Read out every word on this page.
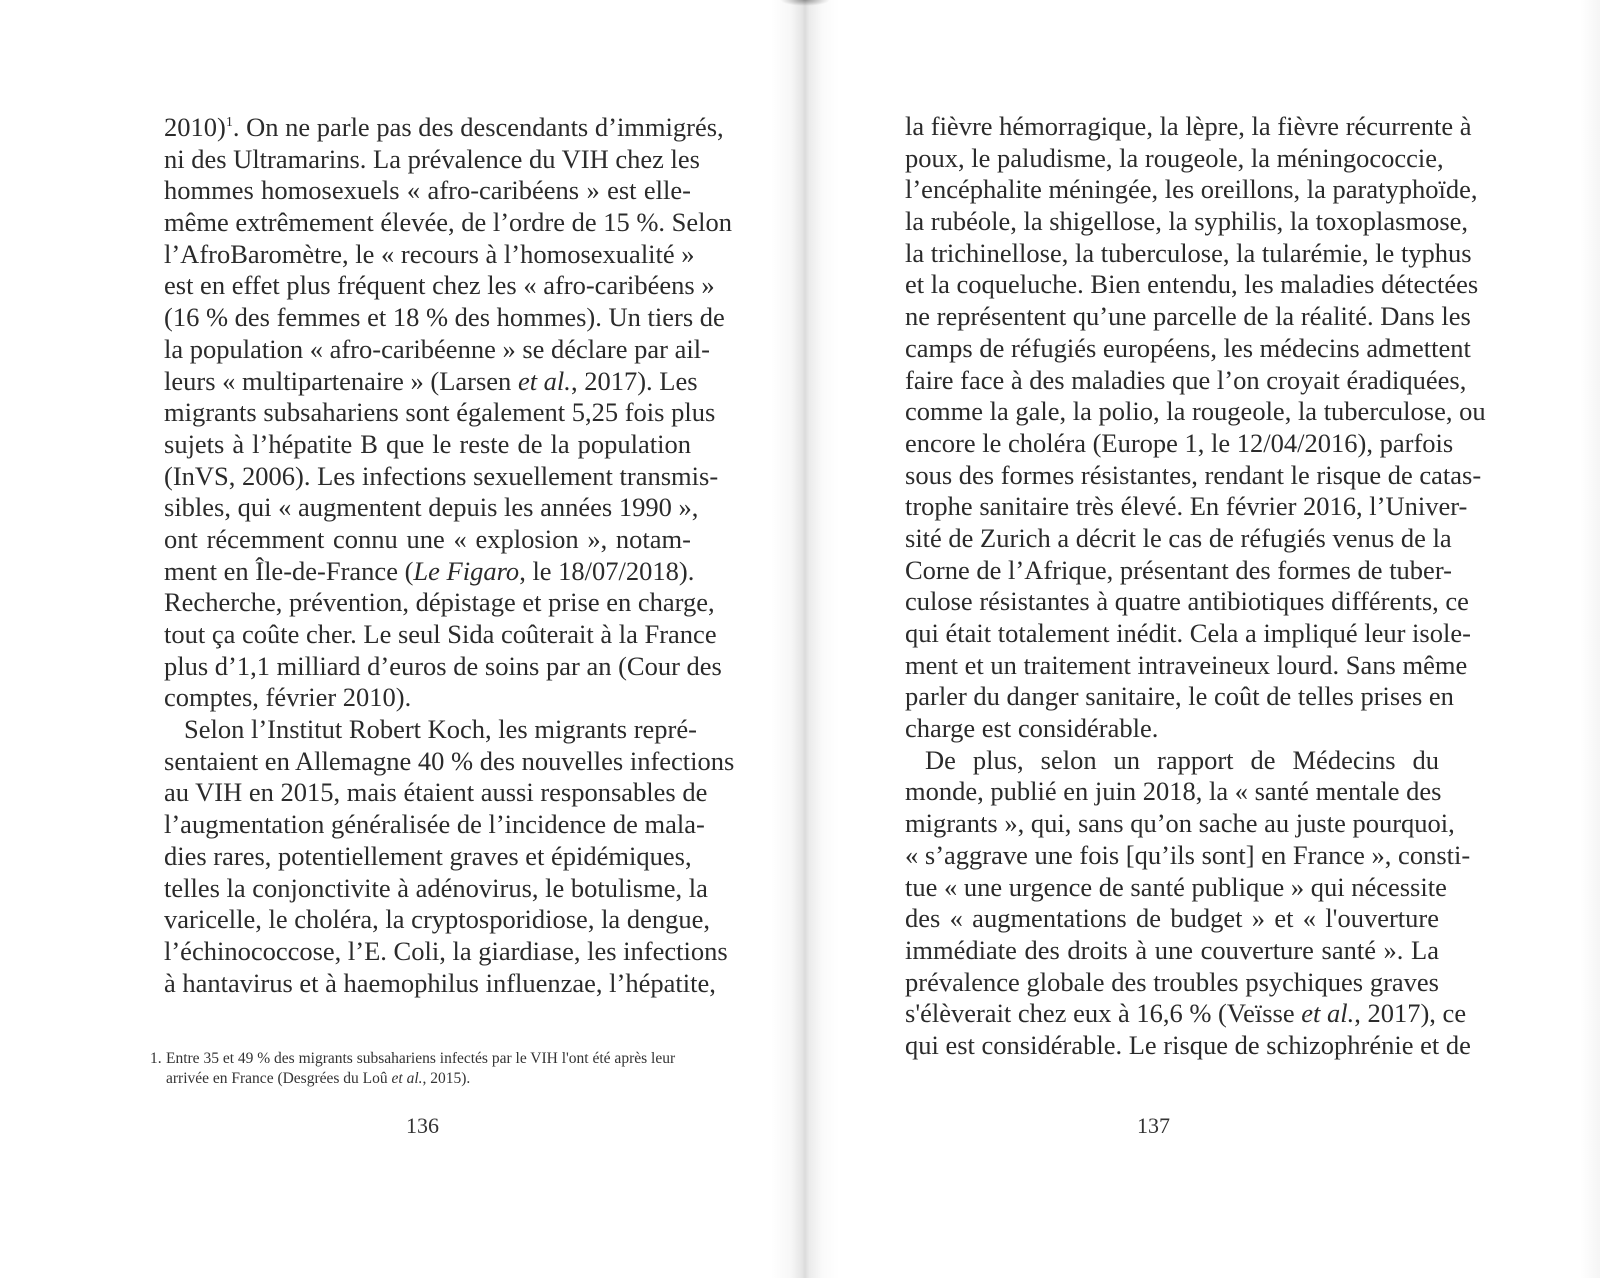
2010)$^1$. On ne parle pas des descendants d’immigrés,
ni des Ultramarins. La prévalence du VIH chez les
hommes homosexuels « afro-caribéens » est elle-
même extrêmement élevée, de l’ordre de 15 %. Selon
l’AfroBaromètre, le « recours à l’homosexualité »
est en effet plus fréquent chez les « afro-caribéens »
(16 % des femmes et 18 % des hommes). Un tiers de
la population « afro-caribéenne » se déclare par ail-
leurs « multipartenaire » (Larsen et al., 2017). Les
migrants subsahariens sont également 5,25 fois plus
sujets à l’hépatite B que le reste de la population
(InVS, 2006). Les infections sexuellement transmis-
sibles, qui « augmentent depuis les années 1990 »,
ont récemment connu une « explosion », notam-
ment en Île-de-France (Le Figaro, le 18/07/2018).
Recherche, prévention, dépistage et prise en charge,
tout ça coûte cher. Le seul Sida coûterait à la France
plus d’1,1 milliard d’euros de soins par an (Cour des
comptes, février 2010).
Selon l’Institut Robert Koch, les migrants repré-
sentaient en Allemagne 40 % des nouvelles infections
au VIH en 2015, mais étaient aussi responsables de
l’augmentation généralisée de l’incidence de mala-
dies rares, potentiellement graves et épidémiques,
telles la conjonctivite à adénovirus, le botulisme, la
varicelle, le choléra, la cryptosporidiose, la dengue,
l’échinococcose, l’E. Coli, la giardiase, les infections
à hantavirus et à haemophilus influenzae, l’hépatite,
1. Entre 35 et 49 % des migrants subsahariens infectés par le VIH l'ont été après leur
arrivée en France (Desgrées du Loû et al., 2015).
136
la fièvre hémorragique, la lèpre, la fièvre récurrente à
poux, le paludisme, la rougeole, la méningococcie,
l’encéphalite méningée, les oreillons, la paratyphoïde,
la rubéole, la shigellose, la syphilis, la toxoplasmose,
la trichinellose, la tuberculose, la tularémie, le typhus
et la coqueluche. Bien entendu, les maladies détectées
ne représentent qu’une parcelle de la réalité. Dans les
camps de réfugiés européens, les médecins admettent
faire face à des maladies que l’on croyait éradiquées,
comme la gale, la polio, la rougeole, la tuberculose, ou
encore le choléra (Europe 1, le 12/04/2016), parfois
sous des formes résistantes, rendant le risque de catas-
trophe sanitaire très élevé. En février 2016, l’Univer-
sité de Zurich a décrit le cas de réfugiés venus de la
Corne de l’Afrique, présentant des formes de tuber-
culose résistantes à quatre antibiotiques différents, ce
qui était totalement inédit. Cela a impliqué leur isole-
ment et un traitement intraveineux lourd. Sans même
parler du danger sanitaire, le coût de telles prises en
charge est considérable.
De plus, selon un rapport de Médecins du
monde, publié en juin 2018, la « santé mentale des
migrants », qui, sans qu’on sache au juste pourquoi,
« s’aggrave une fois [qu’ils sont] en France », consti-
tue « une urgence de santé publique » qui nécessite
des « augmentations de budget » et « l'ouverture
immédiate des droits à une couverture santé ». La
prévalence globale des troubles psychiques graves
s'élèverait chez eux à 16,6 % (Veïsse et al., 2017), ce
qui est considérable. Le risque de schizophrénie et de
137
